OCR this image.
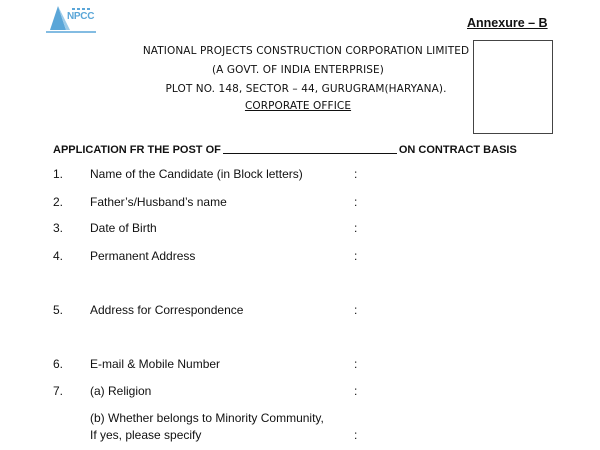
NPCC	Annexure – B
NATIONAL PROJECTS CONSTRUCTION CORPORATION LIMITED
(A GOVT. OF INDIA ENTERPRISE)
PLOT NO. 148, SECTOR – 44, GURUGRAM(HARYANA).
CORPORATE OFFICE
APPLICATION FR THE POST OF	ON CONTRACT BASIS
1. Name of the Candidate (in Block letters)	:
2. Father’s/Husband’s name	:
3. Date of Birth	:
4. Permanent Address	:
5. Address for Correspondence	:
6. E-mail & Mobile Number	:
7. (a) Religion	:
(b) Whether belongs to Minority Community,
If yes, please specify	:
